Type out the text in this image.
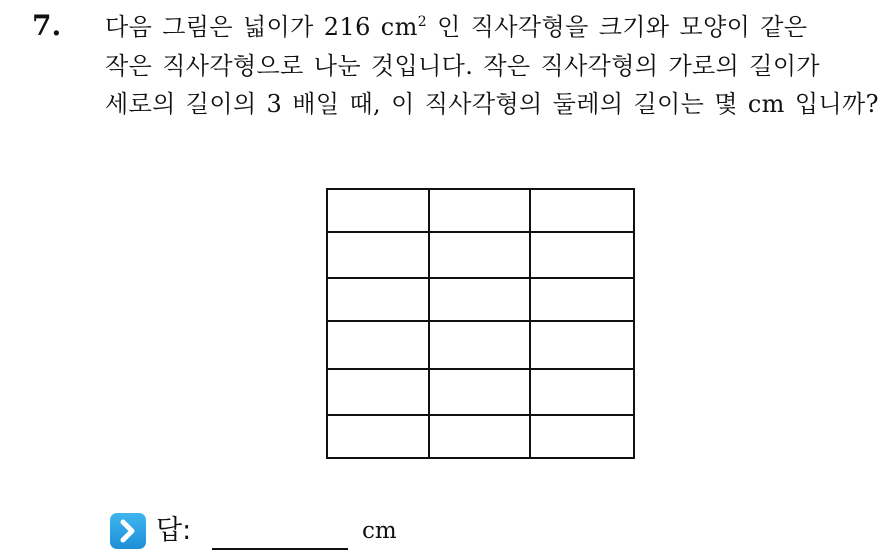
7. 다음 그림은 넓이가 216 $cm^2$ 인 직사각형을 크기와 모양이 같은
작은 직사각형으로 나눈 것입니다. 작은 직사각형의 가로의 길이가
세로의 길이의 3 배일 때, 이 직사각형의 둘레의 길이는 몇 cm 입니까?
답:	cm
